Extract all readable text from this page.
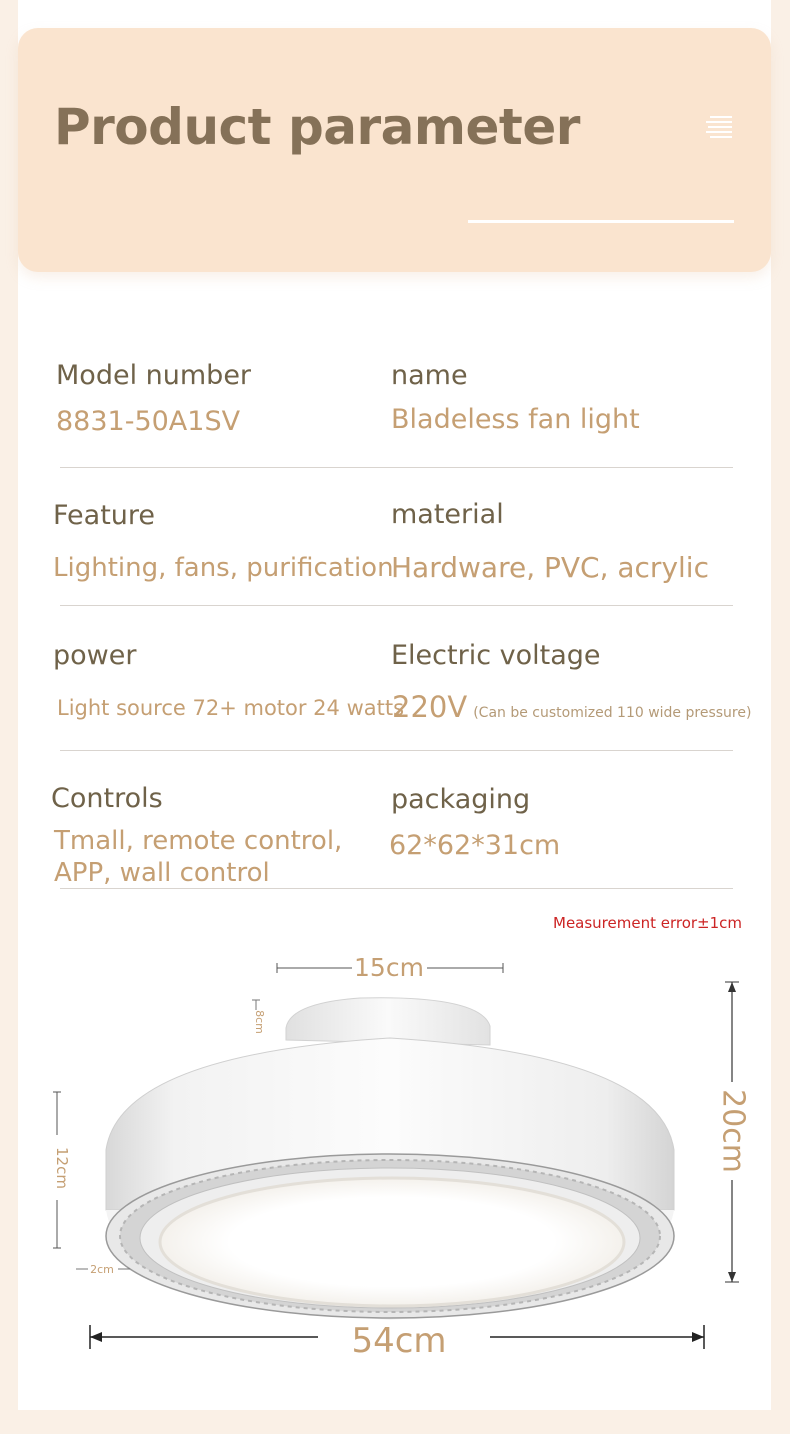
Product parameter
Model number
8831-50A1SV
name
Bladeless fan light
Feature
Lighting, fans, purification
material
Hardware, PVC, acrylic
power
Light source 72+ motor 24 watts
Electric voltage
220V (Can be customized 110 wide pressure)
Controls
Tmall, remote control, APP, wall control
packaging
62*62*31cm
Measurement error±1cm
15cm
8cm
12cm
2cm
20cm
54cm
